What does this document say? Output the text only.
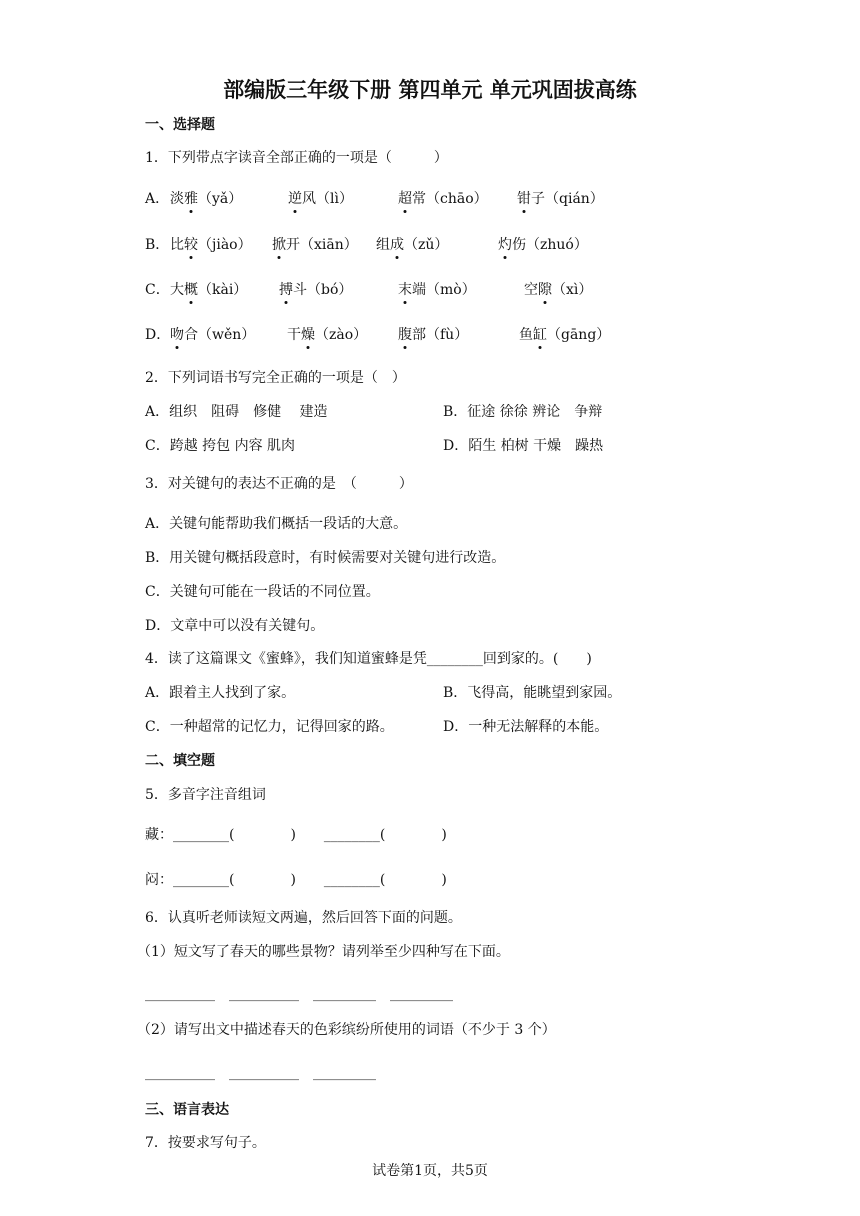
部编版三年级下册 第四单元 单元巩固拔高练
一、选择题
1．下列带点字读音全部正确的一项是（　　　）
A． 淡雅（yǎ）	逆风（lì）	超常（chāo） 钳子（qián）
B． 比较（jiào） 掀开（xiān） 组成（zǔ）	灼伤（zhuó）
C． 大概（kài） 搏斗（bó）	末端（mò）	空隙（xì）
D． 吻合（wěn） 干燥（zào） 腹部（fù）	鱼缸（gāng）
2．下列词语书写完全正确的一项是（　）
A．组织　阻碍　修健　 建造	B．征途 徐徐 辨论　争辩
C．跨越 挎包 内容 肌肉	D．陌生 柏树 干燥　躁热
3．对关键句的表达不正确的是　（　　　）
A．关键句能帮助我们概括一段话的大意。
B．用关键句概括段意时，有时候需要对关键句进行改造。
C．关键句可能在一段话的不同位置。
D．文章中可以没有关键句。
4．读了这篇课文《蜜蜂》，我们知道蜜蜂是凭________回到家的。(　　)
A．跟着主人找到了家。	B．飞得高，能眺望到家园。
C．一种超常的记忆力，记得回家的路。	D．一种无法解释的本能。
二、填空题
5．多音字注音组词
藏：________(　　　　)　　________(　　　　)
闷：________(　　　　)　　________(　　　　)
6．认真听老师读短文两遍，然后回答下面的问题。
（1）短文写了春天的哪些景物？请列举至少四种写在下面。
__________　__________　_________　_________
（2）请写出文中描述春天的色彩缤纷所使用的词语（不少于 3 个）
__________　__________　_________
三、语言表达
7．按要求写句子。
试卷第1页，共5页
